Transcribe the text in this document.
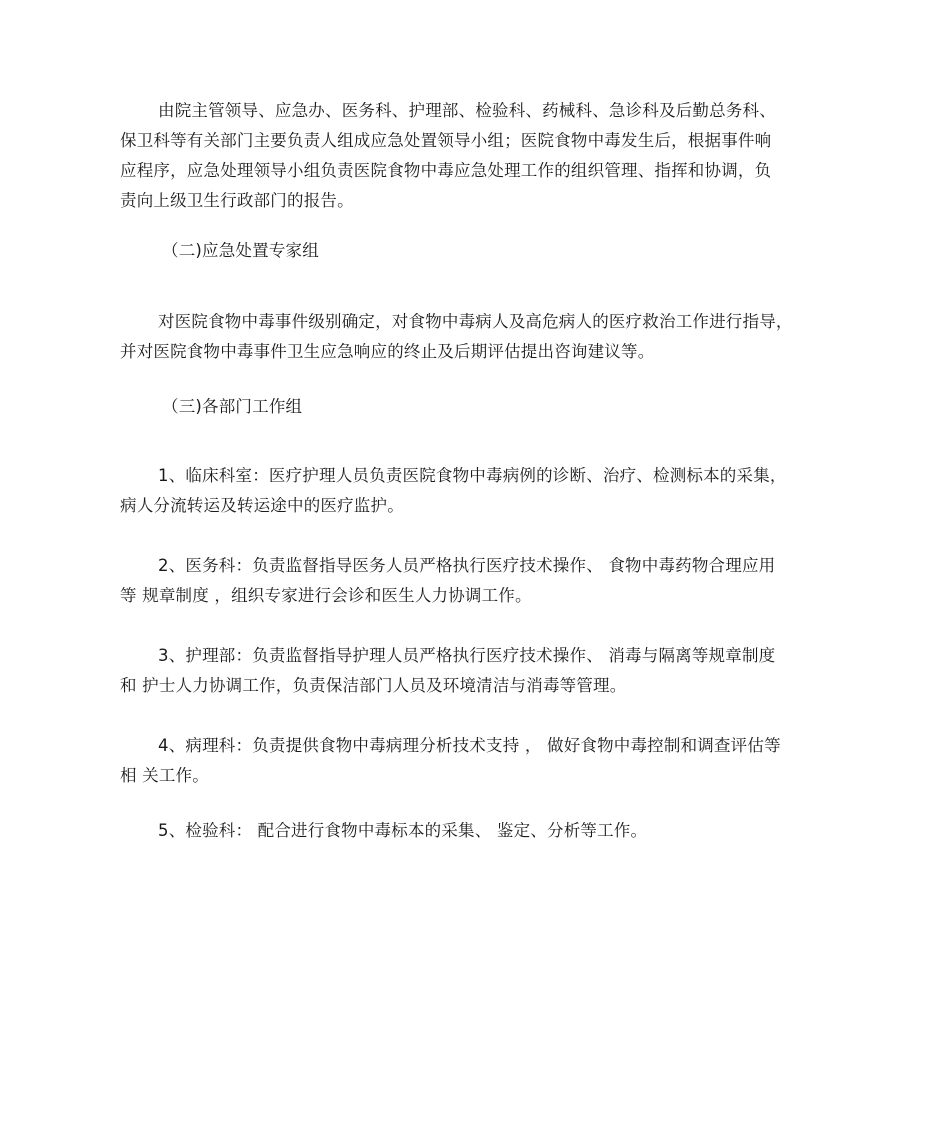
由院主管领导、应急办、医务科、护理部、检验科、药械科、急诊科及后勤总务科、
保卫科等有关部门主要负责人组成应急处置领导小组；医院食物中毒发生后，根据事件响
应程序，应急处理领导小组负责医院食物中毒应急处理工作的组织管理、指挥和协调，负
责向上级卫生行政部门的报告。

（二)应急处置专家组

对医院食物中毒事件级别确定，对食物中毒病人及高危病人的医疗救治工作进行指导，
并对医院食物中毒事件卫生应急响应的终止及后期评估提出咨询建议等。

（三)各部门工作组

1、临床科室：医疗护理人员负责医院食物中毒病例的诊断、治疗、检测标本的采集，
病人分流转运及转运途中的医疗监护。

2、医务科：负责监督指导医务人员严格执行医疗技术操作、 食物中毒药物合理应用
等 规章制度 ，组织专家进行会诊和医生人力协调工作。

3、护理部：负责监督指导护理人员严格执行医疗技术操作、 消毒与隔离等规章制度
和 护士人力协调工作，负责保洁部门人员及环境清洁与消毒等管理。

4、病理科：负责提供食物中毒病理分析技术支持 ， 做好食物中毒控制和调查评估等
相 关工作。

5、检验科： 配合进行食物中毒标本的采集、 鉴定、分析等工作。
